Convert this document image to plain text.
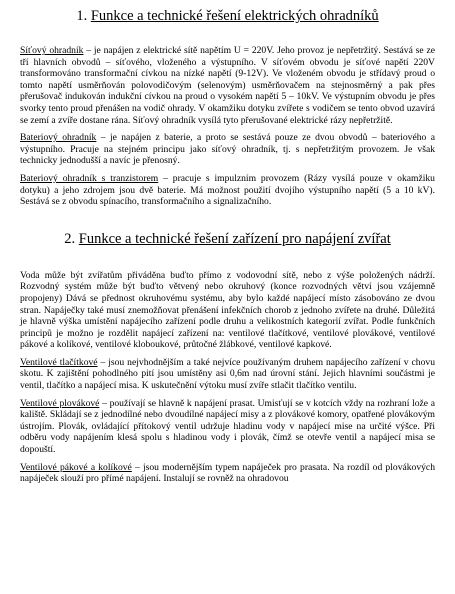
1. Funkce a technické řešení elektrických ohradníků

Síťový ohradník – je napájen z elektrické sítě napětím U = 220V. Jeho provoz je nepřetržitý. Sestává se ze tří hlavních obvodů – síťového, vloženého a výstupního. V síťovém obvodu je síťové napětí 220V transformováno transformační cívkou na nízké napětí (9-12V). Ve vloženém obvodu je střídavý proud o tomto napětí usměrňován polovodičovým (selenovým) usměrňovačem na stejnosměrný a pak přes přerušovač indukován indukční cívkou na proud o vysokém napětí 5 – 10kV. Ve výstupním obvodu je přes svorky tento proud přenášen na vodič ohrady. V okamžiku dotyku zvířete s vodičem se tento obvod uzavírá se zemí a zvíře dostane rána. Síťový ohradník vysílá tyto přerušované elektrické rázy nepřetržitě.

Bateriový ohradník – je napájen z baterie, a proto se sestává pouze ze dvou obvodů – bateriového a výstupního. Pracuje na stejném principu jako síťový ohradník, tj. s nepřetržitým provozem. Je však technicky jednodušší a navíc je přenosný.

Bateriový ohradník s tranzistorem – pracuje s impulzním provozem (Rázy vysílá pouze v okamžiku dotyku) a jeho zdrojem jsou dvě baterie. Má možnost použití dvojího výstupního napětí (5 a 10 kV). Sestává se z obvodu spínacího, transformačního a signalizačního.

2. Funkce a technické řešení zařízení pro napájení zvířat

Voda může být zvířatům přiváděna buďto přímo z vodovodní sítě, nebo z výše položených nádrží. Rozvodný systém může být buďto větvený nebo okruhový (konce rozvodných větví jsou vzájemně propojeny) Dává se přednost okruhovému systému, aby bylo každé napájecí místo zásobováno ze dvou stran. Napáječky také musí znemožňovat přenášení infekčních chorob z jednoho zvířete na druhé. Důležitá je hlavně výška umístění napájecího zařízení podle druhu a velikostních kategorií zvířat. Podle funkčních principů je možno je rozdělit napájecí zařízení na: ventilové tlačítkové, ventilové plovákové, ventilové pákové a kolíkové, ventilové kloboukové, průtočné žlábkové, ventilové kapkové.

Ventilové tlačítkové – jsou nejvhodnějším a také nejvíce používaným druhem napájecího zařízení v chovu skotu. K zajištění pohodlného pití jsou umístěny asi 0,6m nad úrovní stání. Jejich hlavními součástmi je ventil, tlačítko a napájecí misa. K uskutečnění výtoku musí zvíře stlačit tlačítko ventilu.

Ventilové plovákové – používají se hlavně k napájení prasat. Umisťují se v kotcích vždy na rozhraní lože a kaliště. Skládají se z jednodílné nebo dvoudílné napájecí misy a z plovákové komory, opatřené plovákovým ústrojím. Plovák, ovládající přítokový ventil udržuje hladinu vody v napájecí mise na určité výšce. Při odběru vody napájením klesá spolu s hladinou vody i plovák, čímž se otevře ventil a napájecí misa se dopouští.

Ventilové pákové a kolíkové – jsou modernějším typem napáječek pro prasata. Na rozdíl od plovákových napáječek slouží pro přímé napájení. Instalují se rovněž na ohradovou
